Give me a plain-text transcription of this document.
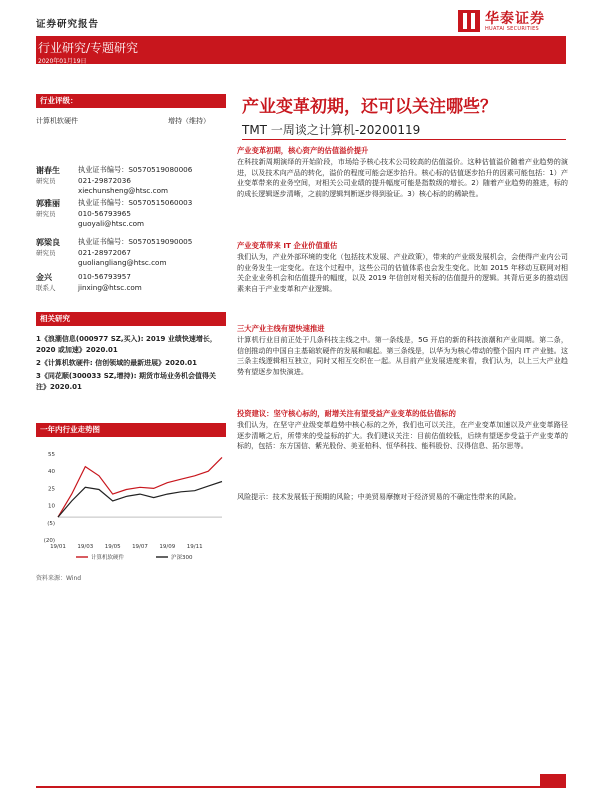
证券研究报告	华泰证券
HUATAI SECURITIES
行业研究/专题研究
2020年01月19日
行业评级：
计算机软硬件	增持（维持）
谢春生
研究员
执业证书编号：S0570519080006
021-29872036
xiechunsheng@htsc.com
郭雅丽
研究员
执业证书编号：S0570515060003
010-56793965
guoyali@htsc.com
郭梁良
研究员
执业证书编号：S0570519090005
021-28972067
guoliangliang@htsc.com
金兴
联系人
010-56793957
jinxing@htsc.com
相关研究
1《浪潮信息(000977 SZ,买入): 2019 业绩快速增长，2020 或加速》2020.01
2《计算机软硬件: 信创领域的最新进展》2020.01
3《同花顺(300033 SZ,增持): 期货市场业务机会值得关注》2020.01
一年内行业走势图
55
40
25
10
(5)
(20)
19/01 19/03 19/05 19/07 19/09 19/11
计算机软硬件	沪深300
资料来源：Wind
产业变革初期，还可以关注哪些？
TMT 一周谈之计算机-20200119
产业变革初期，核心资产的估值溢价提升
在科技新周期演绎的开始阶段，市场给予核心技术公司较高的估值溢价。这种估值溢价随着产业趋势的演进，以及技术向产品的转化，溢价的程度可能会逐步抬升。核心标的估值逐步抬升的因素可能包括：1）产业变革带来的业务空间，对相关公司业绩的提升幅度可能是指数级的增长。2）随着产业趋势的推进，标的的成长逻辑逐步清晰，之前的逻辑判断逐步得到验证。3）核心标的的稀缺性。
产业变革带来 IT 企业价值重估
我们认为，产业外部环境的变化（包括技术发展、产业政策），带来的产业级发展机会，会使得产业内公司的业务发生一定变化。在这个过程中，这些公司的估值体系也会发生变化。比如 2015 年移动互联网对相关企业业务机会和估值提升的幅度，以及 2019 年信创对相关标的估值提升的逻辑。其背后更多的推动因素来自于产业变革和产业逻辑。
三大产业主线有望快速推进
计算机行业目前正处于几条科技主线之中。第一条线是，5G 开启的新的科技浪潮和产业周期。第二条，信创推动的中国自主基础软硬件的发展和崛起。第三条线是，以华为为核心带动的整个国内 IT 产业链。这三条主线逻辑相互独立，同时又相互交织在一起。从目前产业发展进度来看，我们认为，以上三大产业趋势有望逐步加快演进。
投资建议：坚守核心标的，耐增关注有望受益产业变革的低估值标的
我们认为，在坚守产业级变革趋势中核心标的之外，我们也可以关注，在产业变革加速以及产业变革路径逐步清晰之后，所带来的受益标的扩大。我们建议关注：目前估值较低，后续有望逐步受益于产业变革的标的，包括：东方国信、紫光股份、美亚柏科、恒华科技、能科股份、汉得信息、拓尔思等。
风险提示：技术发展低于预期的风险；中美贸易摩擦对于经济贸易的不确定性带来的风险。
